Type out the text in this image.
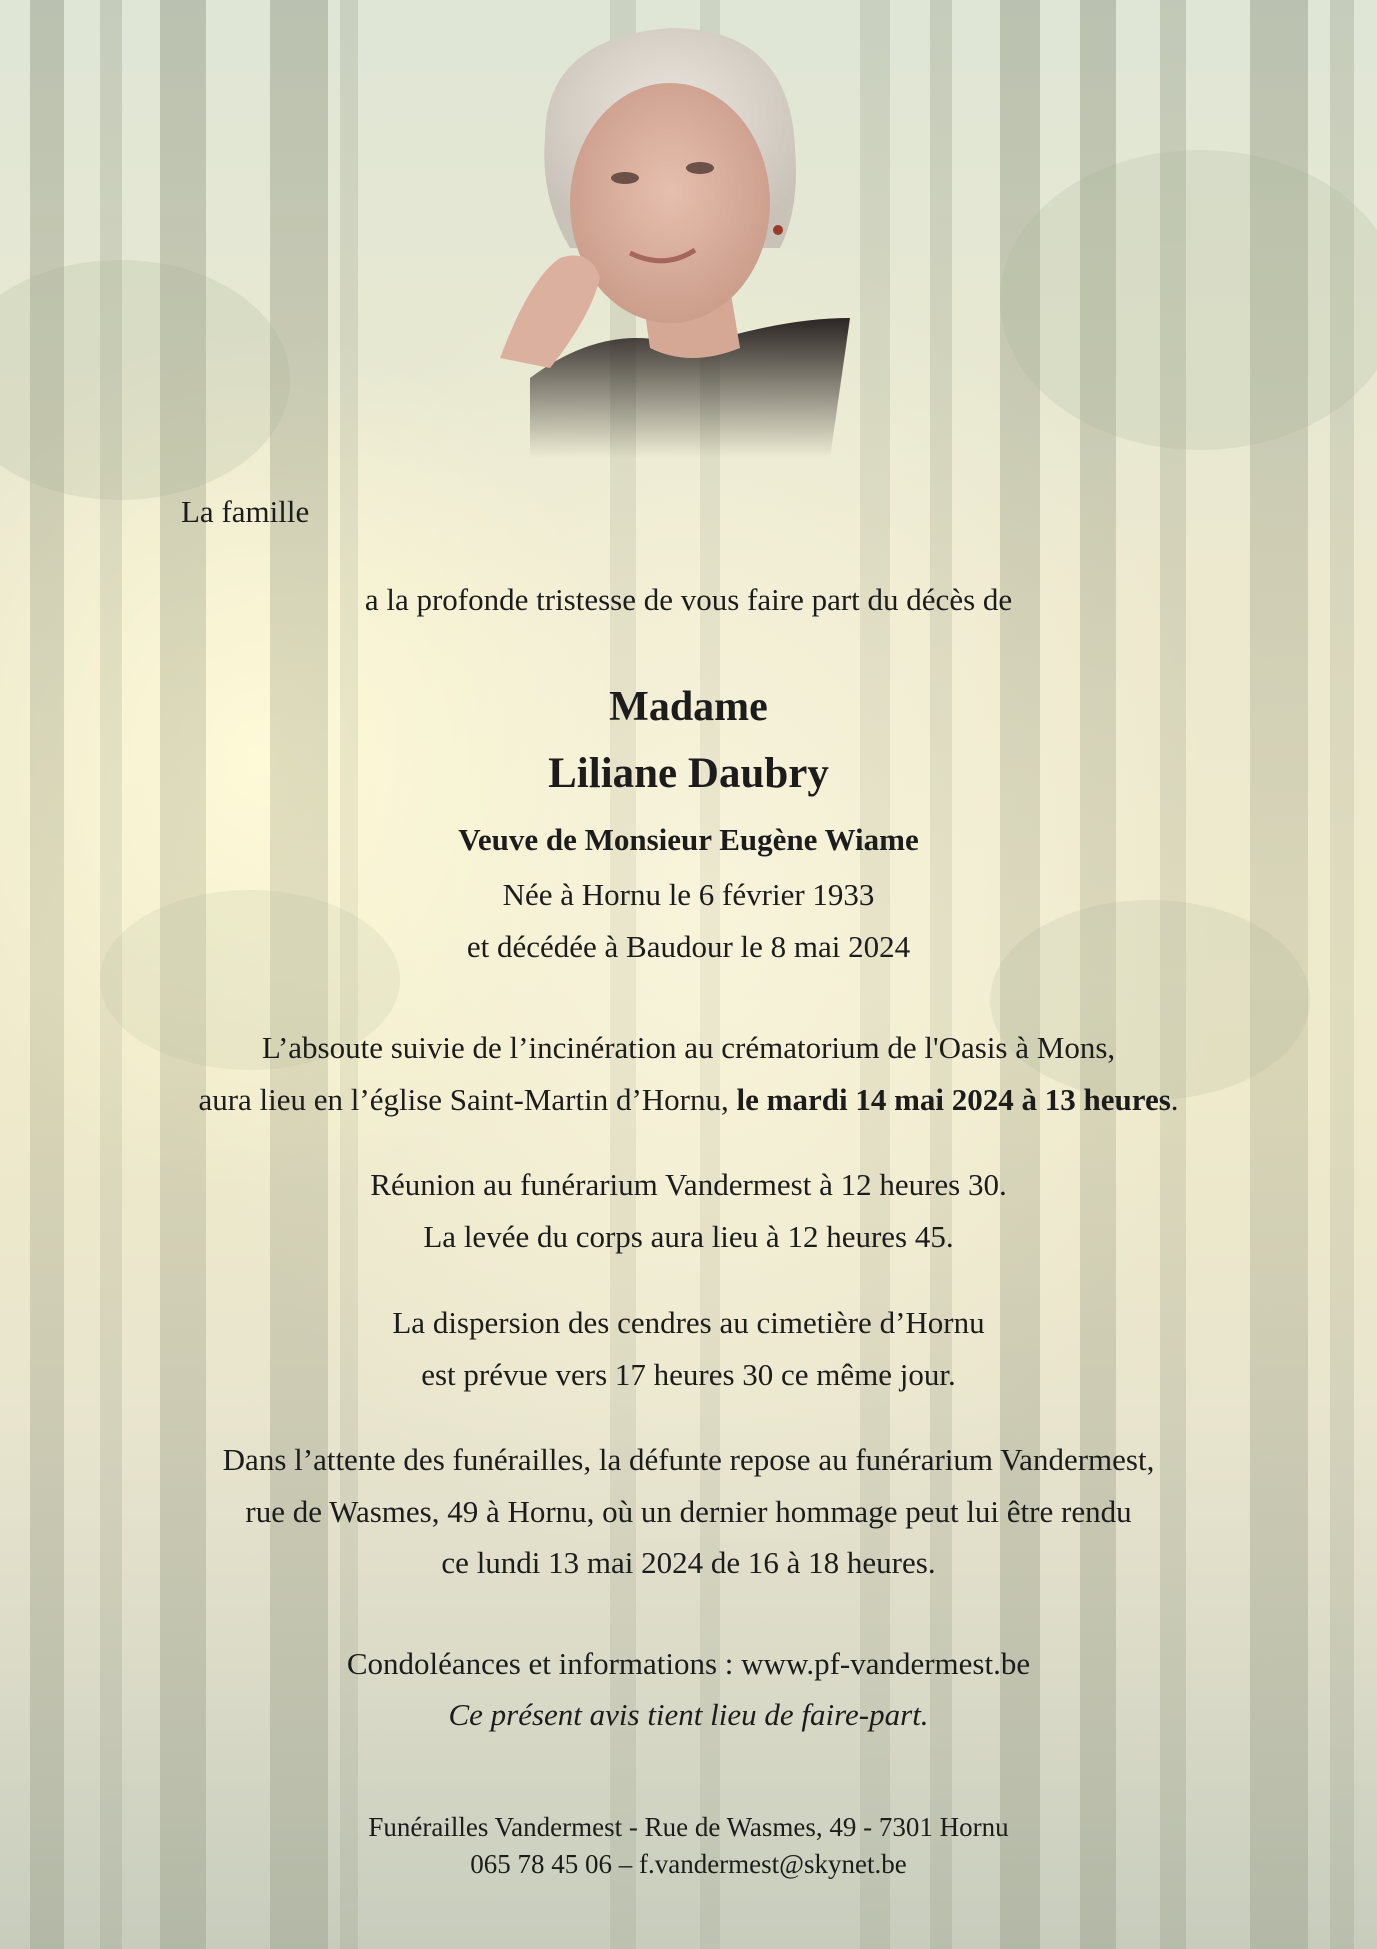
La famille
a la profonde tristesse de vous faire part du décès de
Madame
Liliane Daubry
Veuve de Monsieur Eugène Wiame
Née à Hornu le 6 février 1933
et décédée à Baudour le 8 mai 2024
L’absoute suivie de l’incinération au crématorium de l'Oasis à Mons,
aura lieu en l’église Saint-Martin d’Hornu, le mardi 14 mai 2024 à 13 heures.
Réunion au funérarium Vandermest à 12 heures 30.
La levée du corps aura lieu à 12 heures 45.
La dispersion des cendres au cimetière d’Hornu
est prévue vers 17 heures 30 ce même jour.
Dans l’attente des funérailles, la défunte repose au funérarium Vandermest,
rue de Wasmes, 49 à Hornu, où un dernier hommage peut lui être rendu
ce lundi 13 mai 2024 de 16 à 18 heures.
Condoléances et informations : www.pf-vandermest.be
Ce présent avis tient lieu de faire-part.
Funérailles Vandermest - Rue de Wasmes, 49 - 7301 Hornu
065 78 45 06 – f.vandermest@skynet.be
